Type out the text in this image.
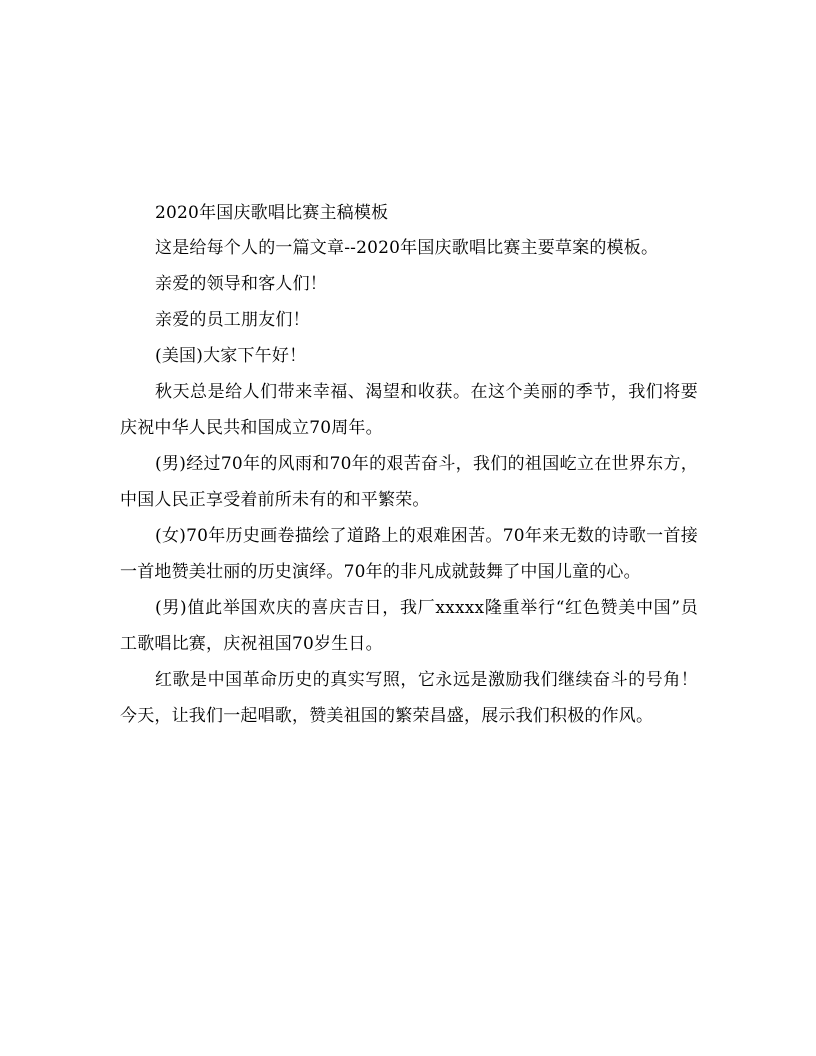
2020年国庆歌唱比赛主稿模板

这是给每个人的一篇文章--2020年国庆歌唱比赛主要草案的模板。

亲爱的领导和客人们！

亲爱的员工朋友们！

(美国)大家下午好！

秋天总是给人们带来幸福、渴望和收获。在这个美丽的季节，我们将要庆祝中华人民共和国成立70周年。

(男)经过70年的风雨和70年的艰苦奋斗，我们的祖国屹立在世界东方，中国人民正享受着前所未有的和平繁荣。

(女)70年历史画卷描绘了道路上的艰难困苦。70年来无数的诗歌一首接一首地赞美壮丽的历史演绎。70年的非凡成就鼓舞了中国儿童的心。

(男)值此举国欢庆的喜庆吉日，我厂xxxxx隆重举行“红色赞美中国”员工歌唱比赛，庆祝祖国70岁生日。

红歌是中国革命历史的真实写照，它永远是激励我们继续奋斗的号角！今天，让我们一起唱歌，赞美祖国的繁荣昌盛，展示我们积极的作风。
